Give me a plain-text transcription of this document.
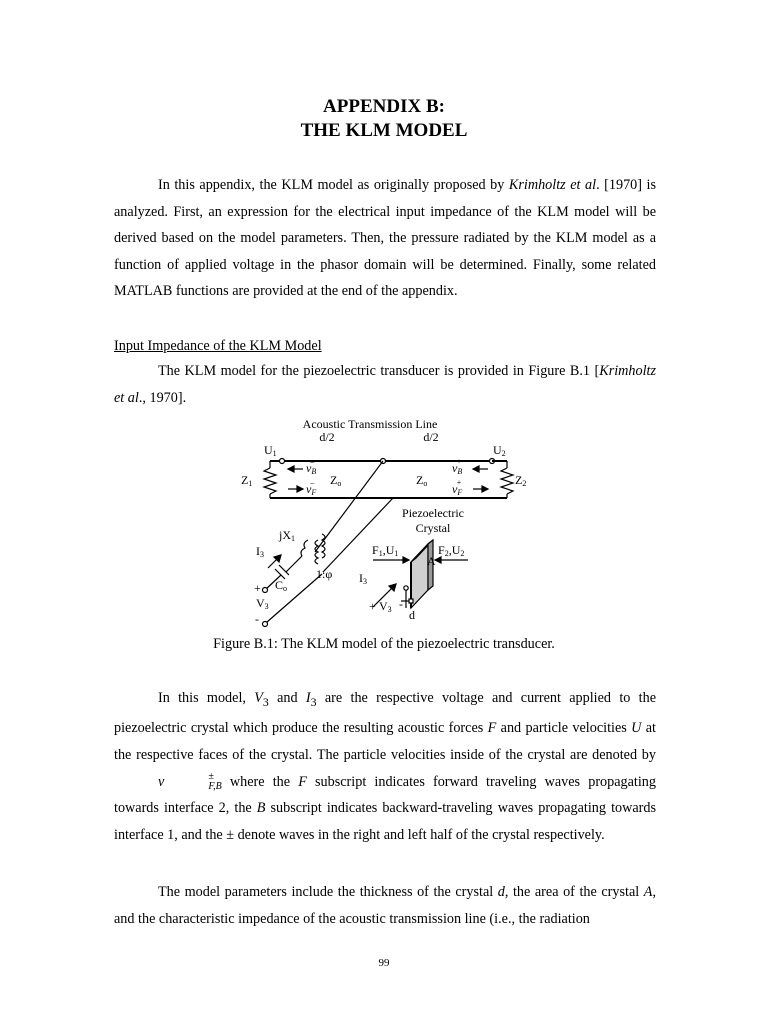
APPENDIX B:
THE KLM MODEL

In this appendix, the KLM model as originally proposed by Krimholtz et al. [1970] is analyzed. First, an expression for the electrical input impedance of the KLM model will be derived based on the model parameters. Then, the pressure radiated by the KLM model as a function of applied voltage in the phasor domain will be determined. Finally, some related MATLAB functions are provided at the end of the appendix.

Input Impedance of the KLM Model

The KLM model for the piezoelectric transducer is provided in Figure B.1 [Krimholtz et al., 1970].

Acoustic Transmission Line
d/2	d/2
U1	U2
Z1	Z2
Zo	Zo
vB–
vF–
vB+
vF+
Piezoelectric
Crystal
jX1
I3
Co
1:φ
+
V3
-
F1,U1	F2,U2
A
I3
+ V3 -
d
Figure B.1: The KLM model of the piezoelectric transducer.

In this model, $V_3$ and $I_3$ are the respective voltage and current applied to the piezoelectric crystal which produce the resulting acoustic forces F and particle velocities U at the respective faces of the crystal. The particle velocities inside of the crystal are denoted by v	±
F,B where the F subscript indicates forward traveling waves propagating towards interface 2, the B subscript indicates backward-traveling waves propagating towards interface 1, and the ± denote waves in the right and left half of the crystal respectively.

The model parameters include the thickness of the crystal d, the area of the crystal A, and the characteristic impedance of the acoustic transmission line (i.e., the radiation

99
